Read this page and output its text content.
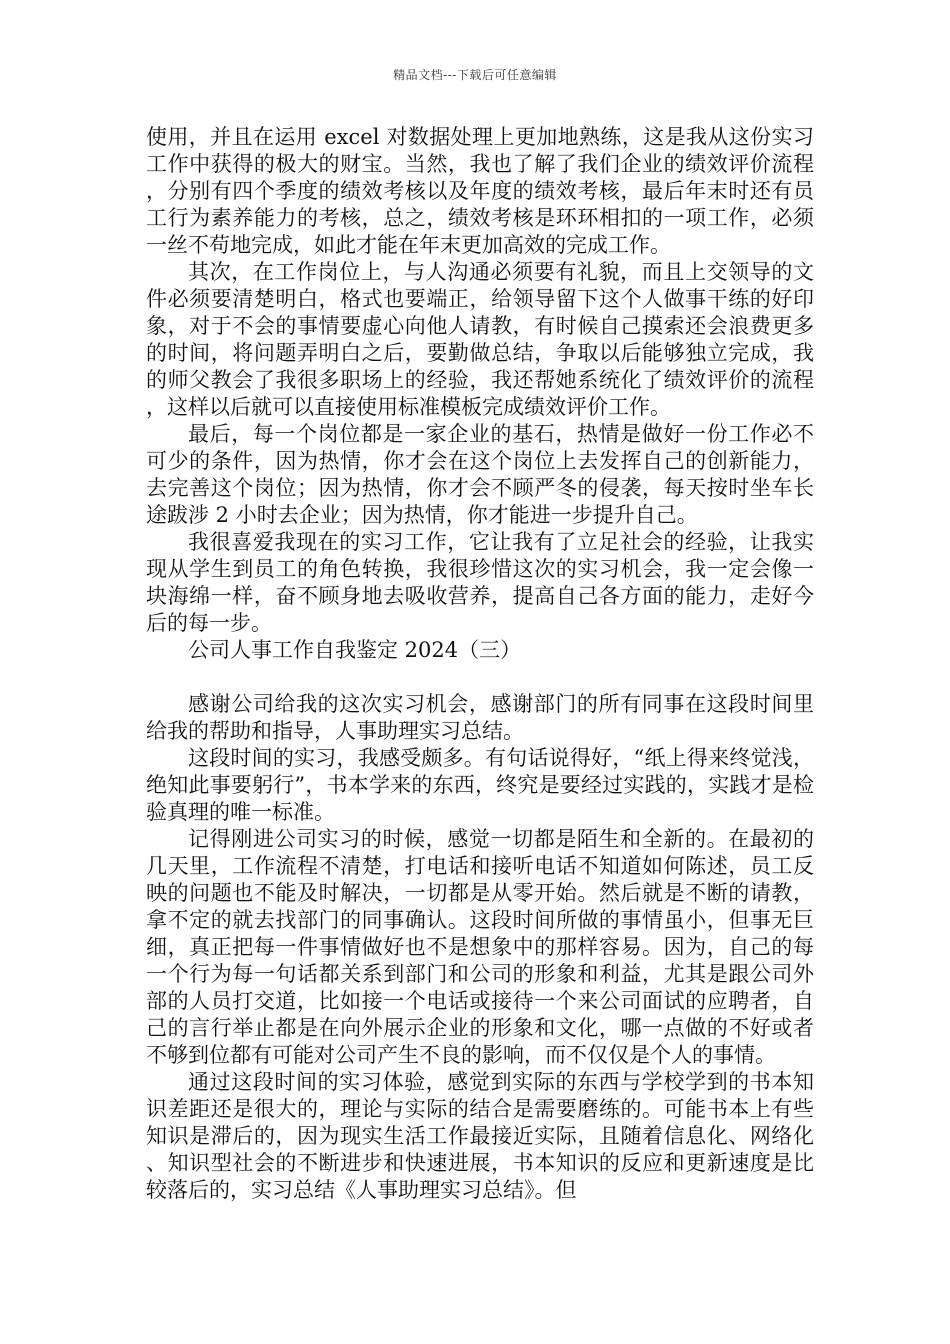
精品文档---下载后可任意编辑

使用，并且在运用 excel 对数据处理上更加地熟练，这是我从这份实习工作中获得的极大的财宝。当然，我也了解了我们企业的绩效评价流程，分别有四个季度的绩效考核以及年度的绩效考核，最后年末时还有员工行为素养能力的考核，总之，绩效考核是环环相扣的一项工作，必须一丝不苟地完成，如此才能在年末更加高效的完成工作。

其次，在工作岗位上，与人沟通必须要有礼貌，而且上交领导的文件必须要清楚明白，格式也要端正，给领导留下这个人做事干练的好印象，对于不会的事情要虚心向他人请教，有时候自己摸索还会浪费更多的时间，将问题弄明白之后，要勤做总结，争取以后能够独立完成，我的师父教会了我很多职场上的经验，我还帮她系统化了绩效评价的流程，这样以后就可以直接使用标准模板完成绩效评价工作。

最后，每一个岗位都是一家企业的基石，热情是做好一份工作必不可少的条件，因为热情，你才会在这个岗位上去发挥自己的创新能力，去完善这个岗位；因为热情，你才会不顾严冬的侵袭，每天按时坐车长途跋涉 2 小时去企业；因为热情，你才能进一步提升自己。

我很喜爱我现在的实习工作，它让我有了立足社会的经验，让我实现从学生到员工的角色转换，我很珍惜这次的实习机会，我一定会像一块海绵一样，奋不顾身地去吸收营养，提高自己各方面的能力，走好今后的每一步。

公司人事工作自我鉴定 2024（三）

感谢公司给我的这次实习机会，感谢部门的所有同事在这段时间里给我的帮助和指导，人事助理实习总结。

这段时间的实习，我感受颇多。有句话说得好，“纸上得来终觉浅，绝知此事要躬行”，书本学来的东西，终究是要经过实践的，实践才是检验真理的唯一标准。

记得刚进公司实习的时候，感觉一切都是陌生和全新的。在最初的几天里，工作流程不清楚，打电话和接听电话不知道如何陈述，员工反映的问题也不能及时解决，一切都是从零开始。然后就是不断的请教，拿不定的就去找部门的同事确认。这段时间所做的事情虽小，但事无巨细，真正把每一件事情做好也不是想象中的那样容易。因为，自己的每一个行为每一句话都关系到部门和公司的形象和利益，尤其是跟公司外部的人员打交道，比如接一个电话或接待一个来公司面试的应聘者，自己的言行举止都是在向外展示企业的形象和文化，哪一点做的不好或者不够到位都有可能对公司产生不良的影响，而不仅仅是个人的事情。

通过这段时间的实习体验，感觉到实际的东西与学校学到的书本知识差距还是很大的，理论与实际的结合是需要磨练的。可能书本上有些知识是滞后的，因为现实生活工作最接近实际，且随着信息化、网络化、知识型社会的不断进步和快速进展，书本知识的反应和更新速度是比较落后的，实习总结《人事助理实习总结》。但
